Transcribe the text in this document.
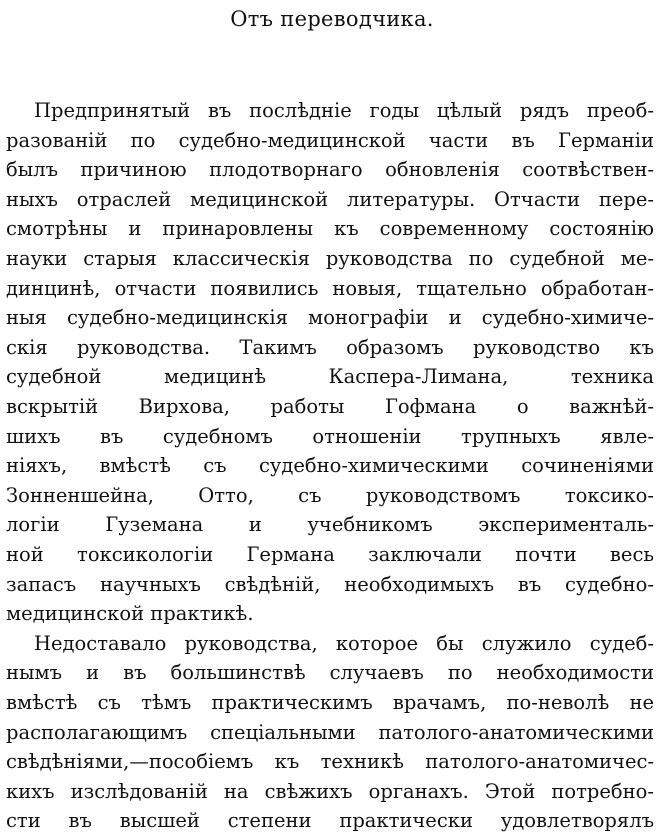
Отъ переводчика.
Предпринятый въ послѣдніе годы цѣлый рядъ преоб-
разованій по судебно-медицинской части въ Германіи
былъ причиною плодотворнаго обновленія соотвѣствен-
ныхъ отраслей медицинской литературы. Отчасти пере-
смотрѣны и принаровлены къ современному состоянію
науки старыя классическія руководства по судебной ме-
динцинѣ, отчасти появились новыя, тщательно обработан-
ныя судебно-медицинскія монографіи и судебно-химиче-
скія руководства. Такимъ образомъ руководство къ
судебной медицинѣ Каспера-Лимана, техника
вскрытій Вирхова, работы Гофмана о важнѣй-
шихъ въ судебномъ отношеніи трупныхъ явле-
ніяхъ, вмѣстѣ съ судебно-химическими сочиненіями
Зонненшейна, Отто, съ руководствомъ токсико-
логіи Гуземана и учебникомъ эксперименталь-
ной токсикологіи Германа заключали почти весь
запасъ научныхъ свѣдѣній, необходимыхъ въ судебно-
медицинской практикѣ.
Недоставало руководства, которое бы служило судеб-
нымъ и въ большинствѣ случаевъ по необходимости
вмѣстѣ съ тѣмъ практическимъ врачамъ, по-неволѣ не
располагающимъ спеціальными патолого-анатомическими
свѣдѣніями,—пособіемъ къ техникѣ патолого-анатомичес-
кихъ изслѣдованій на свѣжихъ органахъ. Этой потребно-
сти въ высшей степени практически удовлетворялъ
